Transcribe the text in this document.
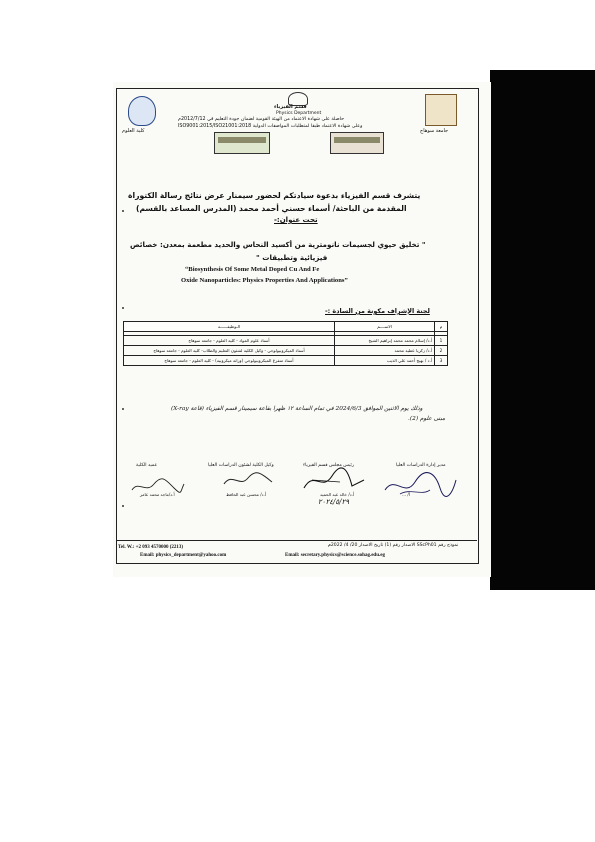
قسم الفيزياء
Physics Department
كلية العلوم	جامعة سوهاج
حاصلة على شهادة الاعتماد من الهيئة القومية لضمان جودة التعليم في 2012/7/12م
وعلى شهادة الاعتماد طبقا لمتطلبات المواصفات الدولية ISO9001:2015/ISO21001:2018
يتشرف قسم الفيزياء بدعوة سيادتكم لحضور سيمنار عرض نتائج رسالة الكتوراة
المقدمة من الباحثة/ أسماء حسني أحمد محمد (المدرس المساعد بالقسم)
تحت عنوان:-
" تخليق حيوي لجسيمات نانومترية من أكسيد النحاس والحديد مطعمة بمعدن: خصائص
فيزيائية وتطبيقات "
“Biosynthesis Of Some Metal Doped Cu And Fe
Oxide Nanoparticles: Physics Properties And Applications”
لجنة الإشراف مكونة من السادة :-
م	الاســــم	الـوظيفــــــة

1	أ.د/ إسلام محمد محمد إبراهيم الشيخ	أستاذ علوم المواد - كلية العلوم - جامعة سوهاج
2	أ.د/ زكريا عطية محمد	أستاذ الميكروبيولوجي - وكيل الكلية لشئون التعليم والطلاب- كلية العلوم - جامعة سوهاج
3	أ.د / بهيج أحمد علي الذيب	أستاذ متفرغ الميكروبيولوجي (وراثة ميكروبية) - كلية العلوم - جامعة سوهاج
وذلك يوم الاثنين الموافق 2024/6/3 في تمام الساعة ١٢ ظهرا بقاعة سيمينار قسم الفيزياء (قاعة X-ray)
مبنى علوم (2).
مدير إدارة الدراسات العليا
رئيس مجلس قسم الفيزياء
وكيل الكلية لشئون الدراسات العليا
عميد الكلية
٢٠٢٤/٥/٢٩
أ/ ...
أ.د/ خالد عبد الحميد
أ.د/ محسن عبد الحافظ
أ.د/ماجد محمد عامر
نموذج رقم SScPh01 الاصدار رقم (1) تاريخ الاصدار 20/ 4/ 2022م
Tel. W.: +2 093 4570000 (2213)
Email: physics_department@yahoo.com	Email: secretary.physics@science.sohag.edu.eg
